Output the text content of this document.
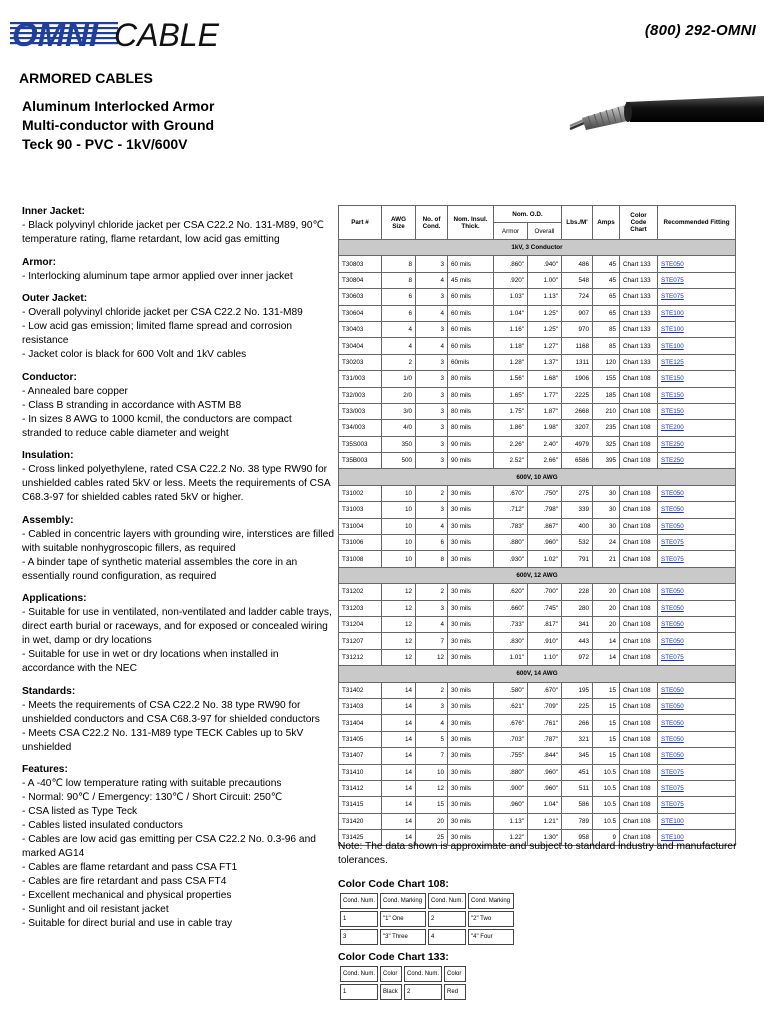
OMNI CABLE	(800) 292-OMNI
ARMORED CABLES
Aluminum Interlocked Armor
Multi-conductor with Ground
Teck 90 - PVC - 1kV/600V
Inner Jacket:
- Black polyvinyl chloride jacket per CSA C22.2 No. 131-M89, 90℃ temperature rating, flame retardant, low acid gas emitting
Armor:
- Interlocking aluminum tape armor applied over inner jacket
Outer Jacket:
- Overall polyvinyl chloride jacket per CSA C22.2 No. 131-M89
- Low acid gas emission; limited flame spread and corrosion resistance
- Jacket color is black for 600 Volt and 1kV cables
Conductor:
- Annealed bare copper
- Class B stranding in accordance with ASTM B8
- In sizes 8 AWG to 1000 kcmil, the conductors are compact stranded to reduce cable diameter and weight
Insulation:
- Cross linked polyethylene, rated CSA C22.2 No. 38 type RW90 for unshielded cables rated 5kV or less. Meets the requirements of CSA C68.3-97 for shielded cables rated 5kV or higher.
Assembly:
- Cabled in concentric layers with grounding wire, interstices are filled with suitable nonhygroscopic fillers, as required
- A binder tape of synthetic material assembles the core in an essentially round configuration, as required
Applications:
- Suitable for use in ventilated, non-ventilated and ladder cable trays, direct earth burial or raceways, and for exposed or concealed wiring in wet, damp or dry locations
- Suitable for use in wet or dry locations when installed in accordance with the NEC
Standards:
- Meets the requirements of CSA C22.2 No. 38 type RW90 for unshielded conductors and CSA C68.3-97 for shielded conductors
- Meets CSA C22.2 No. 131-M89 type TECK Cables up to 5kV unshielded
Features:
- A -40℃ low temperature rating with suitable precautions
- Normal: 90℃ / Emergency: 130℃ / Short Circuit: 250℃
- CSA listed as Type Teck
- Cables listed insulated conductors
- Cables are low acid gas emitting per CSA C22.2 No. 0.3-96 and marked AG14
- Cables are flame retardant and pass CSA FT1
- Cables are fire retardant and pass CSA FT4
- Excellent mechanical and physical properties
- Sunlight and oil resistant jacket
- Suitable for direct burial and use in cable tray
Part #	AWG Size	No. of Cond.	Nom. Insul. Thick.	Nom. O.D.		Lbs./M'	Amps	Color Code Chart	Recommended Fitting
				Armor	Overall				
1kV, 3 Conductor									
T30803	8	3	60 mils	.860"	.940"	486	45	Chart 133	STE050
T30804	8	4	45 mils	.920"	1.00"	548	45	Chart 133	STE075
T30603	6	3	60 mils	1.03"	1.13"	724	65	Chart 133	STE075
T30604	6	4	60 mils	1.04"	1.25"	907	65	Chart 133	STE100
T30403	4	3	60 mils	1.16"	1.25"	970	85	Chart 133	STE100
T30404	4	4	60 mils	1.18"	1.27"	1168	85	Chart 133	STE100
T30203	2	3	60mils	1.28"	1.37"	1311	120	Chart 133	STE125
T31/003	1/0	3	80 mils	1.56"	1.68"	1906	155	Chart 108	STE150
T32/003	2/0	3	80 mils	1.65"	1.77"	2225	185	Chart 108	STE150
T33/003	3/0	3	80 mils	1.75"	1.87"	2668	210	Chart 108	STE150
T34/003	4/0	3	80 mils	1.86"	1.98"	3207	235	Chart 108	STE200
T35S003	350	3	90 mils	2.26"	2.40"	4979	325	Chart 108	STE250
T35B003	500	3	90 mils	2.52"	2.66"	6586	395	Chart 108	STE250
600V, 10 AWG									
T31002	10	2	30 mils	.670"	.750"	275	30	Chart 108	STE050
T31003	10	3	30 mils	.712"	.798"	339	30	Chart 108	STE050
T31004	10	4	30 mils	.783"	.867"	400	30	Chart 108	STE050
T31006	10	6	30 mils	.880"	.960"	532	24	Chart 108	STE075
T31008	10	8	30 mils	.930"	1.02"	791	21	Chart 108	STE075
600V, 12 AWG									
T31202	12	2	30 mils	.620"	.700"	228	20	Chart 108	STE050
T31203	12	3	30 mils	.660"	.745"	280	20	Chart 108	STE050
T31204	12	4	30 mils	.733"	.817"	341	20	Chart 108	STE050
T31207	12	7	30 mils	.830"	.910"	443	14	Chart 108	STE050
T31212	12	12	30 mils	1.01"	1.10"	972	14	Chart 108	STE075
600V, 14 AWG									
T31402	14	2	30 mils	.580"	.670"	195	15	Chart 108	STE050
T31403	14	3	30 mils	.621"	.709"	225	15	Chart 108	STE050
T31404	14	4	30 mils	.676"	.761"	266	15	Chart 108	STE050
T31405	14	5	30 mils	.703"	.787"	321	15	Chart 108	STE050
T31407	14	7	30 mils	.755"	.844"	345	15	Chart 108	STE050
T31410	14	10	30 mils	.880"	.960"	451	10.5	Chart 108	STE075
T31412	14	12	30 mils	.900"	.960"	511	10.5	Chart 108	STE075
T31415	14	15	30 mils	.960"	1.04"	586	10.5	Chart 108	STE075
T31420	14	20	30 mils	1.13"	1.21"	789	10.5	Chart 108	STE100
T31425	14	25	30 mils	1.22"	1.30"	958	9	Chart 108	STE100
Note: The data shown is approximate and subject to standard industry and manufacturer tolerances.
Color Code Chart 108:
Cond. Num.	Cond. Marking	Cond. Num.	Cond. Marking
1	"1" One	2	"2" Two
3	"3" Three	4	"4" Four
Color Code Chart 133:
Cond. Num.	Color	Cond. Num.	Color
1	Black	2	Red
